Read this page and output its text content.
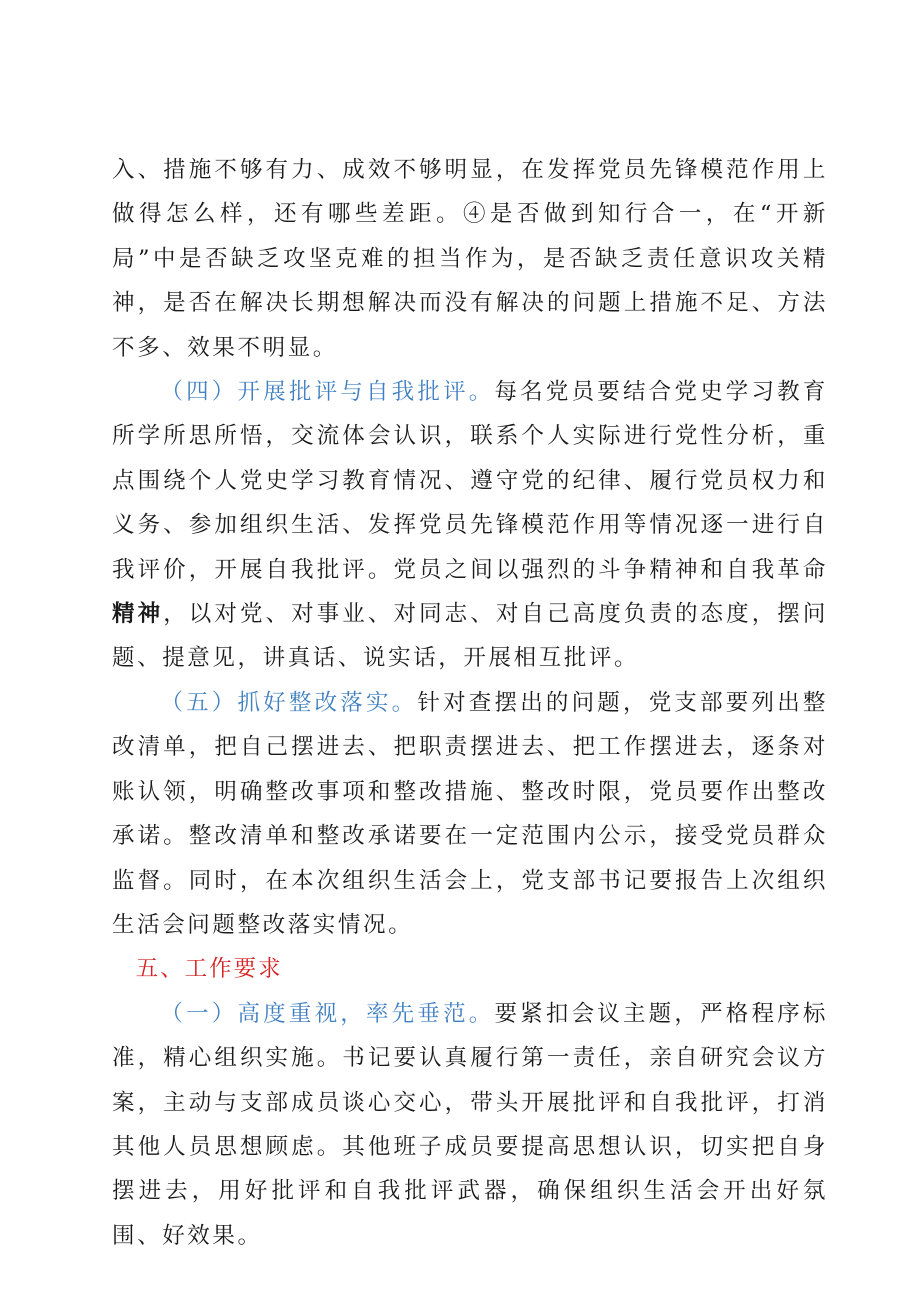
入、措施不够有力、成效不够明显，在发挥党员先锋模范作用上做得怎么样，还有哪些差距。④是否做到知行合一，在“开新局”中是否缺乏攻坚克难的担当作为，是否缺乏责任意识攻关精神，是否在解决长期想解决而没有解决的问题上措施不足、方法不多、效果不明显。

（四）开展批评与自我批评。每名党员要结合党史学习教育所学所思所悟，交流体会认识，联系个人实际进行党性分析，重点围绕个人党史学习教育情况、遵守党的纪律、履行党员权力和义务、参加组织生活、发挥党员先锋模范作用等情况逐一进行自我评价，开展自我批评。党员之间以强烈的斗争精神和自我革命精神，以对党、对事业、对同志、对自己高度负责的态度，摆问题、提意见，讲真话、说实话，开展相互批评。

（五）抓好整改落实。针对查摆出的问题，党支部要列出整改清单，把自己摆进去、把职责摆进去、把工作摆进去，逐条对账认领，明确整改事项和整改措施、整改时限，党员要作出整改承诺。整改清单和整改承诺要在一定范围内公示，接受党员群众监督。同时，在本次组织生活会上，党支部书记要报告上次组织生活会问题整改落实情况。

五、工作要求

（一）高度重视，率先垂范。要紧扣会议主题，严格程序标准，精心组织实施。书记要认真履行第一责任，亲自研究会议方案，主动与支部成员谈心交心，带头开展批评和自我批评，打消其他人员思想顾虑。其他班子成员要提高思想认识，切实把自身摆进去，用好批评和自我批评武器，确保组织生活会开出好氛围、好效果。
